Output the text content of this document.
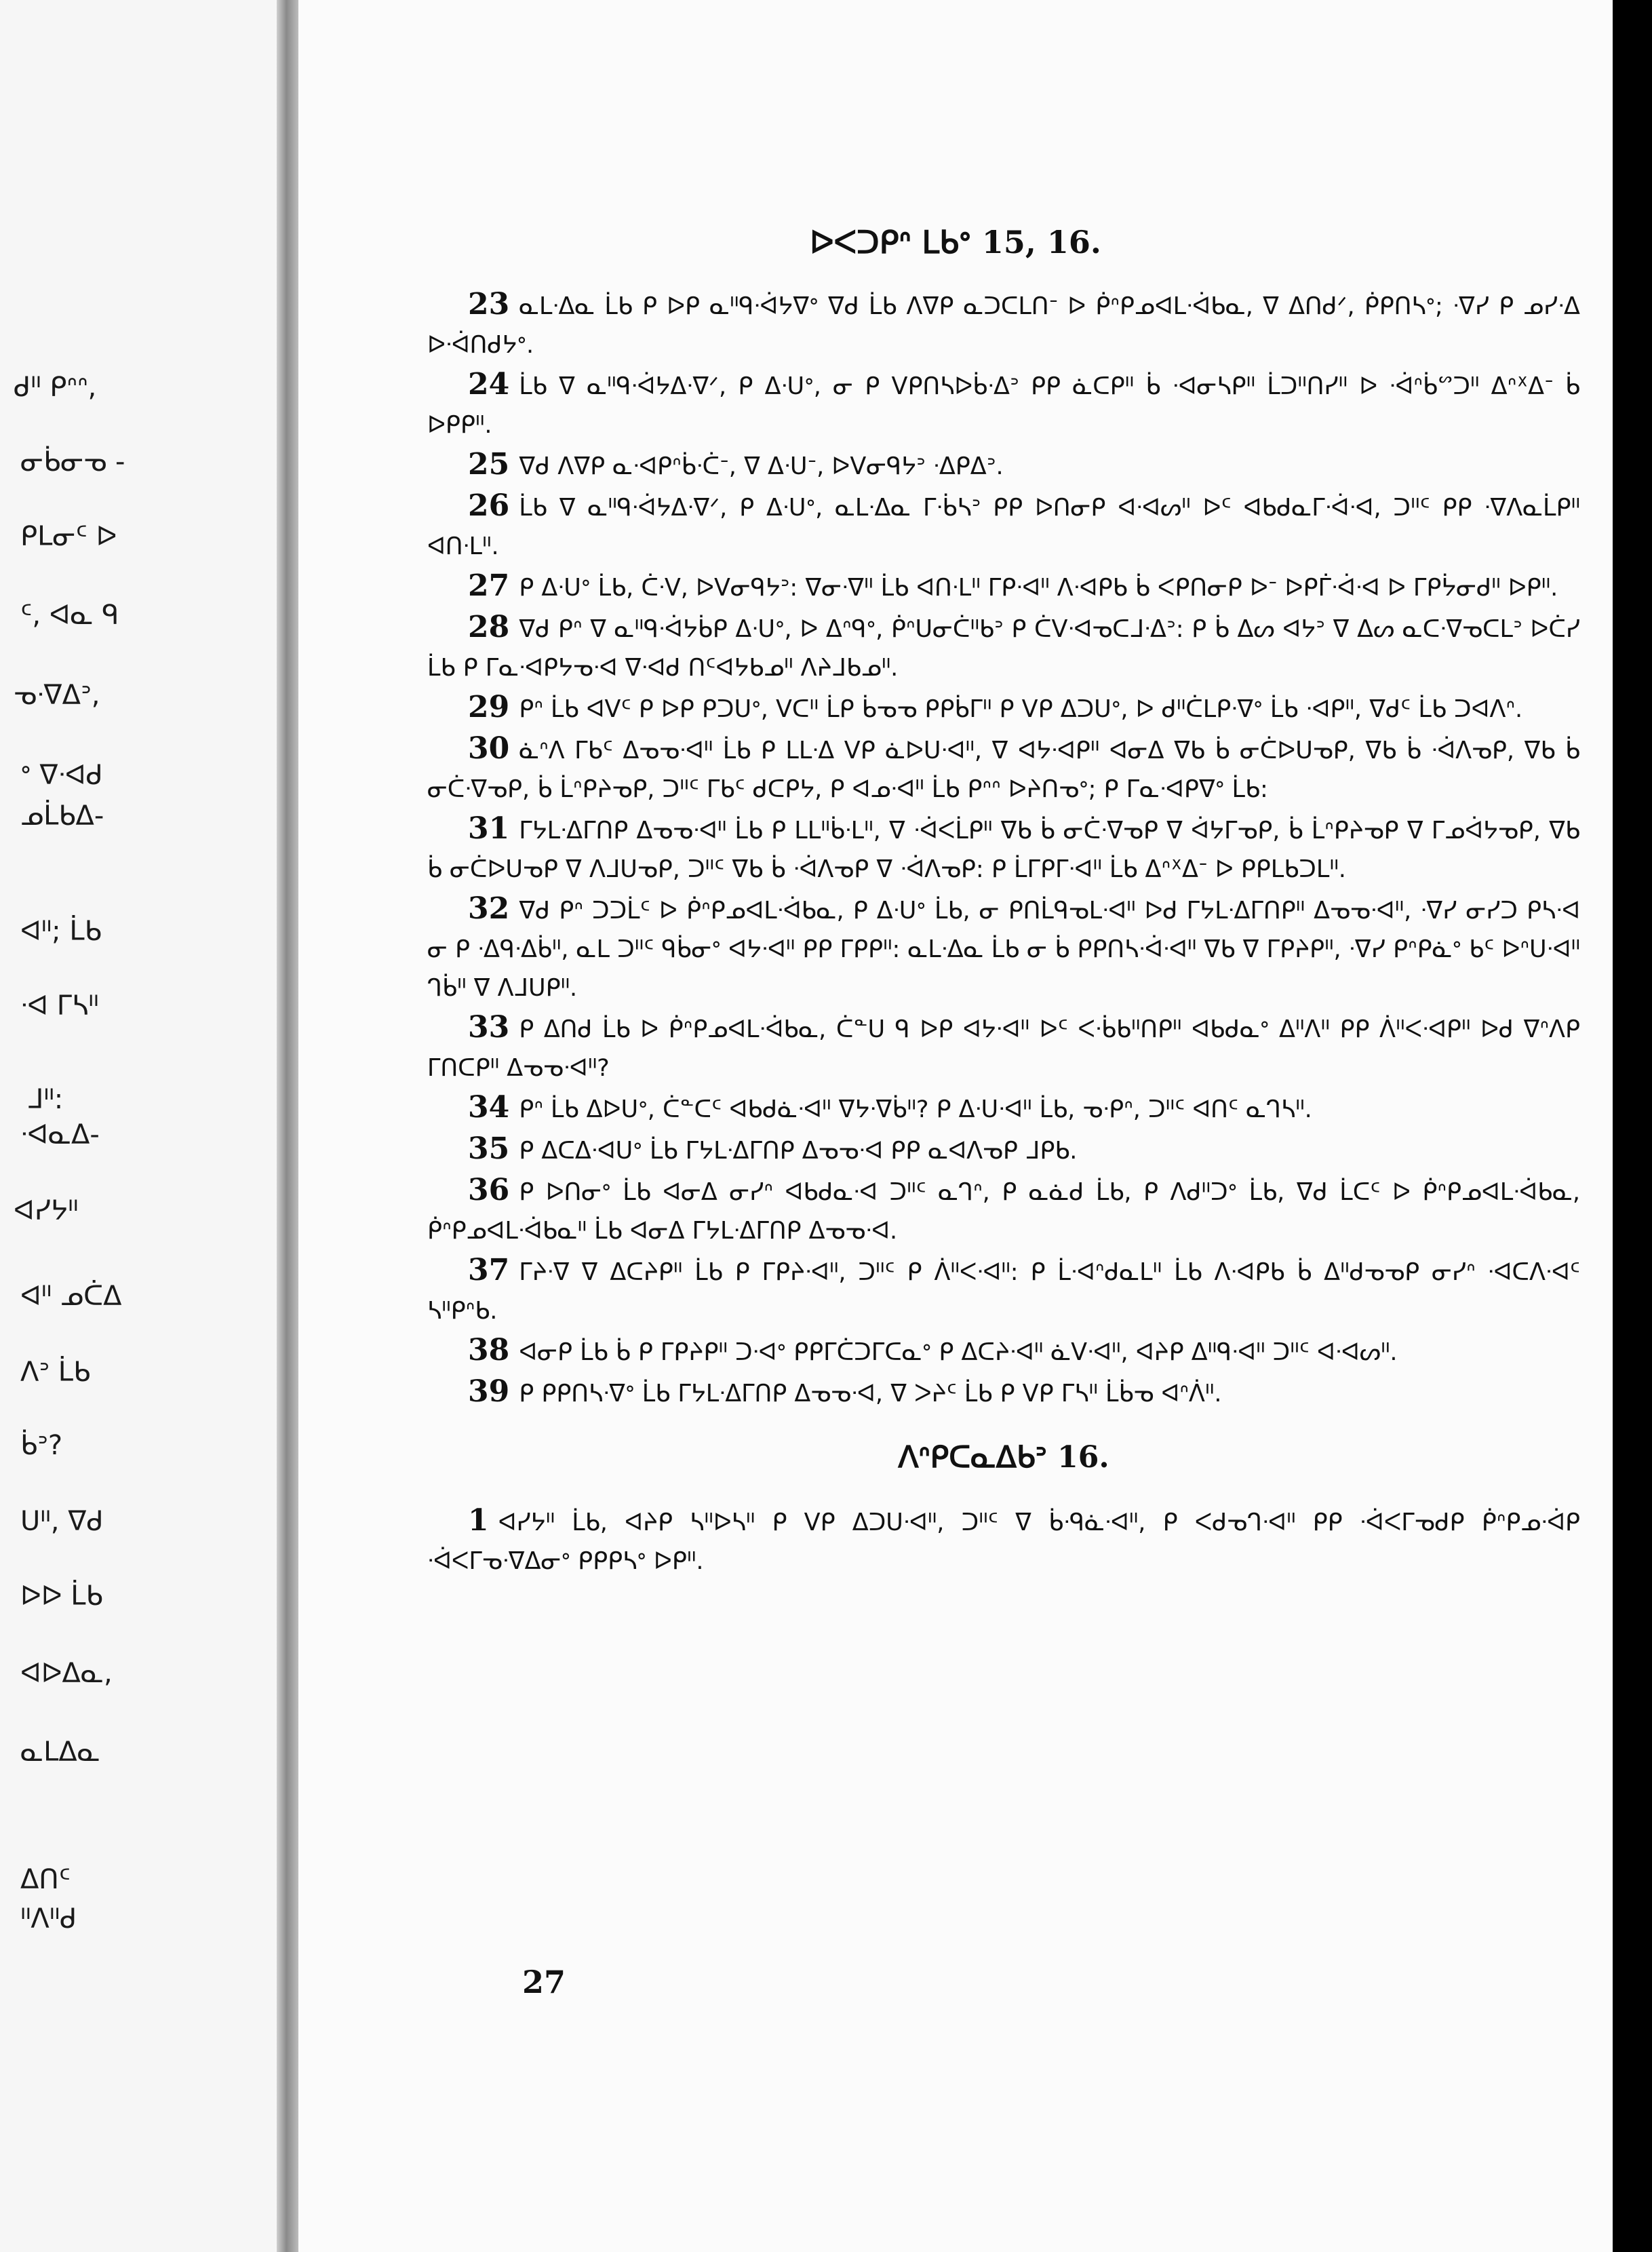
ᑯᐦ ᑭᐢᐢ,
ᓂᑳᓂᓀ -
ᑭᒪᓂᑦ ᐅ
ᑦ, ᐊᓇ ᑫ
ᓀᐧᐁᐃᐣ,
ᐤ ᐁᐧᐊᑯ
ᓄᒫᑲᐃ-
ᐊᐦ; ᒫᑲ
ᐧᐊ ᒥᓴᐦ
ᒧᐦ:
ᐧᐊᓇᐃ-
ᐊᓯᔭᐦ
ᐊᐦ ᓄᑖᐃ
ᐱᐣ ᒫᑲ
ᑳᐣ?
ᑌᐦ, ᐁᑯ
ᐅᐅ ᒫᑲ
ᐊᐅᐃᓇ,
ᓇᒪᐃᓇ
ᐃᑎᑦ
ᐦᐱᐦᑯ
ᐅᐸᑐᑭᐢ ᒪᑲᐤ 15, 16.

23 ᓇᒪᐧᐃᓇ ᒫᑲ ᑭ ᐅᑭ ᓇᐦᑫᐧᐋᔭᐁᐤ ᐁᑯ ᒫᑲ ᐱᐁᑭ ᓇᑐᑕᒪᑎᐨ ᐅ ᑮᐢᑭᓄᐊᒪᐧᐋᑲᓇ, ᐁ ᐃᑎᑯᐟ, ᑮᑭᑎᓴᐤ; ᐧᐁᓯ ᑭ ᓄᓯᐧᐃ ᐅᐧᐋᑎᑯᔭᐤ.

24 ᒫᑲ ᐁ ᓇᐦᑫᐧᐋᔭᐃᐧᐁᐟ, ᑭ ᐃᐧᑌᐤ, ᓂ ᑭ ᐯᑭᑎᓴᐅᑳᐧᐃᐣ ᑭᑭ ᓈᑕᑭᐦ ᑳ ᐧᐊᓂᓴᑭᐦ ᒫᑐᐦᑎᓯᐦ ᐅ ᐧᐋᐢᑳᔥᑐᐦ ᐃᐢᕽᐃᐨ ᑳ ᐅᑭᑭᐦ.

25 ᐁᑯ ᐱᐁᑭ ᓇᐧᐊᑭᐢᑳᐧᑖᐨ, ᐁ ᐃᐧᑌᐨ, ᐅᐯᓂᑫᔭᐣ ᐧᐃᑭᐃᐣ.

26 ᒫᑲ ᐁ ᓇᐦᑫᐧᐋᔭᐃᐧᐁᐟ, ᑭ ᐃᐧᑌᐤ, ᓇᒪᐧᐃᓇ ᒥᐧᑳᓴᐣ ᑭᑭ ᐅᑎᓂᑭ ᐊᐧᐊᔕᐦ ᐅᑦ ᐊᑲᑯᓇᒥᐧᐋᐧᐊ, ᑐᐦᑦ ᑭᑭ ᐧᐁᐱᓇᒫᑭᐦ ᐊᑎᐧᒪᐦ.

27 ᑭ ᐃᐧᑌᐤ ᒫᑲ, ᑖᐧᐯ, ᐅᐯᓂᑫᔭᐣ: ᐁᓂᐧᐁᐦ ᒫᑲ ᐊᑎᐧᒪᐦ ᒥᑭᐧᐊᐦ ᐱᐧᐊᑭᑲ ᑳ ᐸᑭᑎᓂᑭ ᐅᐨ ᐅᑭᒦᐧᐋᐧᐊ ᐅ ᒥᑭᔮᓂᑯᐦ ᐅᑭᐦ.

28 ᐁᑯ ᑭᐢ ᐁ ᓇᐦᑫᐧᐋᔭᑳᑭ ᐃᐧᑌᐤ, ᐅ ᐃᐢᑫᐤ, ᑮᐢᑌᓂᑖᐦᑲᐣ ᑭ ᑖᐯᐧᐊᓀᑕᒧᐧᐃᐣ: ᑭ ᑳ ᐃᔕ ᐊᔭᐣ ᐁ ᐃᔕ ᓇᑕᐧᐁᓀᑕᒪᐣ ᐅᑖᓯ ᒫᑲ ᑭ ᒥᓇᐧᐊᑭᔭᓀᐧᐊ ᐁᐧᐊᑯ ᑎᑦᐊᔭᑲᓄᐦ ᐱᔨᒧᑲᓄᐦ.

29 ᑭᐢ ᒫᑲ ᐊᐯᑦ ᑭ ᐅᑭ ᑭᑐᑌᐤ, ᐯᑕᐦ ᒫᑭ ᑳᓀᓀ ᑭᑭᑳᒥᐦ ᑭ ᐯᑭ ᐃᑐᑌᐤ, ᐅ ᑯᐦᑖᒪᑭᐧᐁᐤ ᒫᑲ ᐧᐊᑭᐦ, ᐁᑯᑦ ᒫᑲ ᑐᐊᐱᐢ.

30 ᓈᐢᐱ ᒥᑲᑦ ᐃᓀᓀᐧᐊᐦ ᒫᑲ ᑭ ᒪᒪᐧᐃ ᐯᑭ ᓈᐅᑌᐧᐊᐦ, ᐁ ᐊᔭᐧᐊᑭᐦ ᐊᓂᐃ ᐁᑲ ᑳ ᓂᑖᐅᑌᓀᑭ, ᐁᑲ ᑳ ᐧᐋᐱᓀᑭ, ᐁᑲ ᑳ ᓂᑖᐧᐁᓀᑭ, ᑳ ᒫᐢᑭᔨᓀᑭ, ᑐᐦᑦ ᒥᑲᑦ ᑯᑕᑭᔭ, ᑭ ᐊᓄᐧᐊᐦ ᒫᑲ ᑭᐢᐢ ᐅᔨᑎᓀᐤ; ᑭ ᒥᓇᐧᐊᑭᐁᐤ ᒫᑲ:

31 ᒥᔭᒪᐧᐃᒥᑎᑭ ᐃᓀᓀᐧᐊᐦ ᒫᑲ ᑭ ᒪᒪᐦᑳᐧᒪᐦ, ᐁ ᐧᐋᐸᒫᑭᐦ ᐁᑲ ᑳ ᓂᑖᐧᐁᓀᑭ ᐁ ᐋᔭᒥᓀᑭ, ᑳ ᒫᐢᑭᔨᓀᑭ ᐁ ᒥᓄᐋᔭᓀᑭ, ᐁᑲ ᑳ ᓂᑖᐅᑌᓀᑭ ᐁ ᐱᒧᑌᓀᑭ, ᑐᐦᑦ ᐁᑲ ᑳ ᐧᐋᐱᓀᑭ ᐁ ᐧᐋᐱᓀᑭ: ᑭ ᒫᒥᑭᒥᐧᐊᐦ ᒫᑲ ᐃᐢᕽᐃᐨ ᐅ ᑭᑭᒪᑲᑐᒪᐦ.

32 ᐁᑯ ᑭᐢ ᑐᑐᒫᑦ ᐅ ᑮᐢᑭᓄᐊᒪᐧᐋᑲᓇ, ᑭ ᐃᐧᑌᐤ ᒫᑲ, ᓂ ᑭᑎᒫᑫᓀᒪᐧᐊᐦ ᐅᑯ ᒥᔭᒪᐧᐃᒥᑎᑭᐦ ᐃᓀᓀᐧᐊᐦ, ᐧᐁᓯ ᓂᓯᑐ ᑭᓴᐧᐊ ᓂ ᑭ ᐧᐃᑫᐧᐃᑳᐦ, ᓇᒪ ᑐᐦᑦ ᑫᑳᓂᐤ ᐊᔭᐧᐊᐦ ᑭᑭ ᒥᑭᑭᐦ: ᓇᒪᐧᐃᓇ ᒫᑲ ᓂ ᑳ ᑭᑭᑎᓴᐧᐋᐧᐊᐦ ᐁᑲ ᐁ ᒥᑭᔨᑭᐦ, ᐧᐁᓯ ᑭᐢᑭᓈᐤ ᑲᑦ ᐅᐢᑌᐧᐊᐦ ᒉᑳᐦ ᐁ ᐱᒧᑌᑭᐦ.

33 ᑭ ᐃᑎᑯ ᒫᑲ ᐅ ᑮᐢᑭᓄᐊᒪᐧᐋᑲᓇ, ᑖᓐᑌ ᑫ ᐅᑭ ᐊᔭᐧᐊᐦ ᐅᑦ ᐸᐧᑳᑲᐦᑎᑭᐦ ᐊᑲᑯᓇᐤ ᐃᐦᐱᐦ ᑭᑭ ᐲᐦᐸᐧᐊᑭᐦ ᐅᑯ ᐁᐢᐱᑭ ᒥᑎᑕᑭᐦ ᐃᓀᓀᐧᐊᐦ?

34 ᑭᐢ ᒫᑲ ᐃᐅᑌᐤ, ᑖᓐᑕᑦ ᐊᑲᑯᓈᐧᐊᐦ ᐁᔭᐧᐁᑳᐦ? ᑭ ᐃᐧᑌᐧᐊᐦ ᒫᑲ, ᓀᐧᑭᐢ, ᑐᐦᑦ ᐊᑎᑦ ᓇᒉᓴᐦ.

35 ᑭ ᐃᑕᐃᐧᐊᑌᐤ ᒫᑲ ᒥᔭᒪᐧᐃᒥᑎᑭ ᐃᓀᓀᐧᐊ ᑭᑭ ᓇᐊᐱᓀᑭ ᒧᑭᑲ.

36 ᑭ ᐅᑎᓂᐤ ᒫᑲ ᐊᓂᐃ ᓂᓯᐢ ᐊᑲᑯᓇᐧᐊ ᑐᐦᑦ ᓇᒉᐢ, ᑭ ᓇᓈᑯ ᒫᑲ, ᑭ ᐱᑯᐦᑐᐤ ᒫᑲ, ᐁᑯ ᒫᑕᑦ ᐅ ᑮᐢᑭᓄᐊᒪᐧᐋᑲᓇ, ᑮᐢᑭᓄᐊᒪᐧᐋᑲᓇᐦ ᒫᑲ ᐊᓂᐃ ᒥᔭᒪᐧᐃᒥᑎᑭ ᐃᓀᓀᐧᐊ.

37 ᒥᔨᐧᐁ ᐁ ᐃᑕᔨᑭᐦ ᒫᑲ ᑭ ᒥᑭᔨᐧᐊᐦ, ᑐᐦᑦ ᑭ ᐲᐦᐸᐧᐊᐦ: ᑭ ᒫᐧᐊᐢᑯᓇᒪᐦ ᒫᑲ ᐱᐧᐊᑭᑲ ᑳ ᐃᐦᑯᓀᓀᑭ ᓂᓯᐢ ᐧᐊᑕᐱᐧᐊᑦ ᓴᐦᑭᐢᑲ.

38 ᐊᓂᑭ ᒫᑲ ᑳ ᑭ ᒥᑭᔨᑭᐦ ᑐᐧᐊᐤ ᑭᑭᒥᑖᑐᒥᑕᓇᐤ ᑭ ᐃᑕᔨᐧᐊᐦ ᓈᐯᐧᐊᐦ, ᐊᔨᑭ ᐃᐦᑫᐧᐊᐦ ᑐᐦᑦ ᐊᐧᐊᔕᐦ.

39 ᑭ ᑭᑭᑎᓴᐧᐁᐤ ᒫᑲ ᒥᔭᒪᐧᐃᒥᑎᑭ ᐃᓀᓀᐧᐊ, ᐁ ᐳᔨᑦ ᒫᑲ ᑭ ᐯᑭ ᒥᓴᐦ ᒫᑳᓀ ᐊᐢᐲᐦ.

ᐱᐢᑭᑕᓇᐃᑲᐣ 16.

1 ᐊᓯᔭᐦ ᒫᑲ, ᐊᔨᑭ ᓴᐦᐅᓴᐦ ᑭ ᐯᑭ ᐃᑐᑌᐧᐊᐦ, ᑐᐦᑦ ᐁ ᑳᐧᑫᓈᐧᐊᐦ, ᑭ ᐸᑯᓀᒉᐧᐊᐦ ᑭᑭ ᐧᐋᐸᒥᓀᑯᑭ ᑮᐢᑭᓄᐧᐋᑭ ᐧᐋᐸᒥᓀᐧᐁᐃᓂᐤ ᑭᑭᑭᓴᐤ ᐅᑭᐦ.

27
